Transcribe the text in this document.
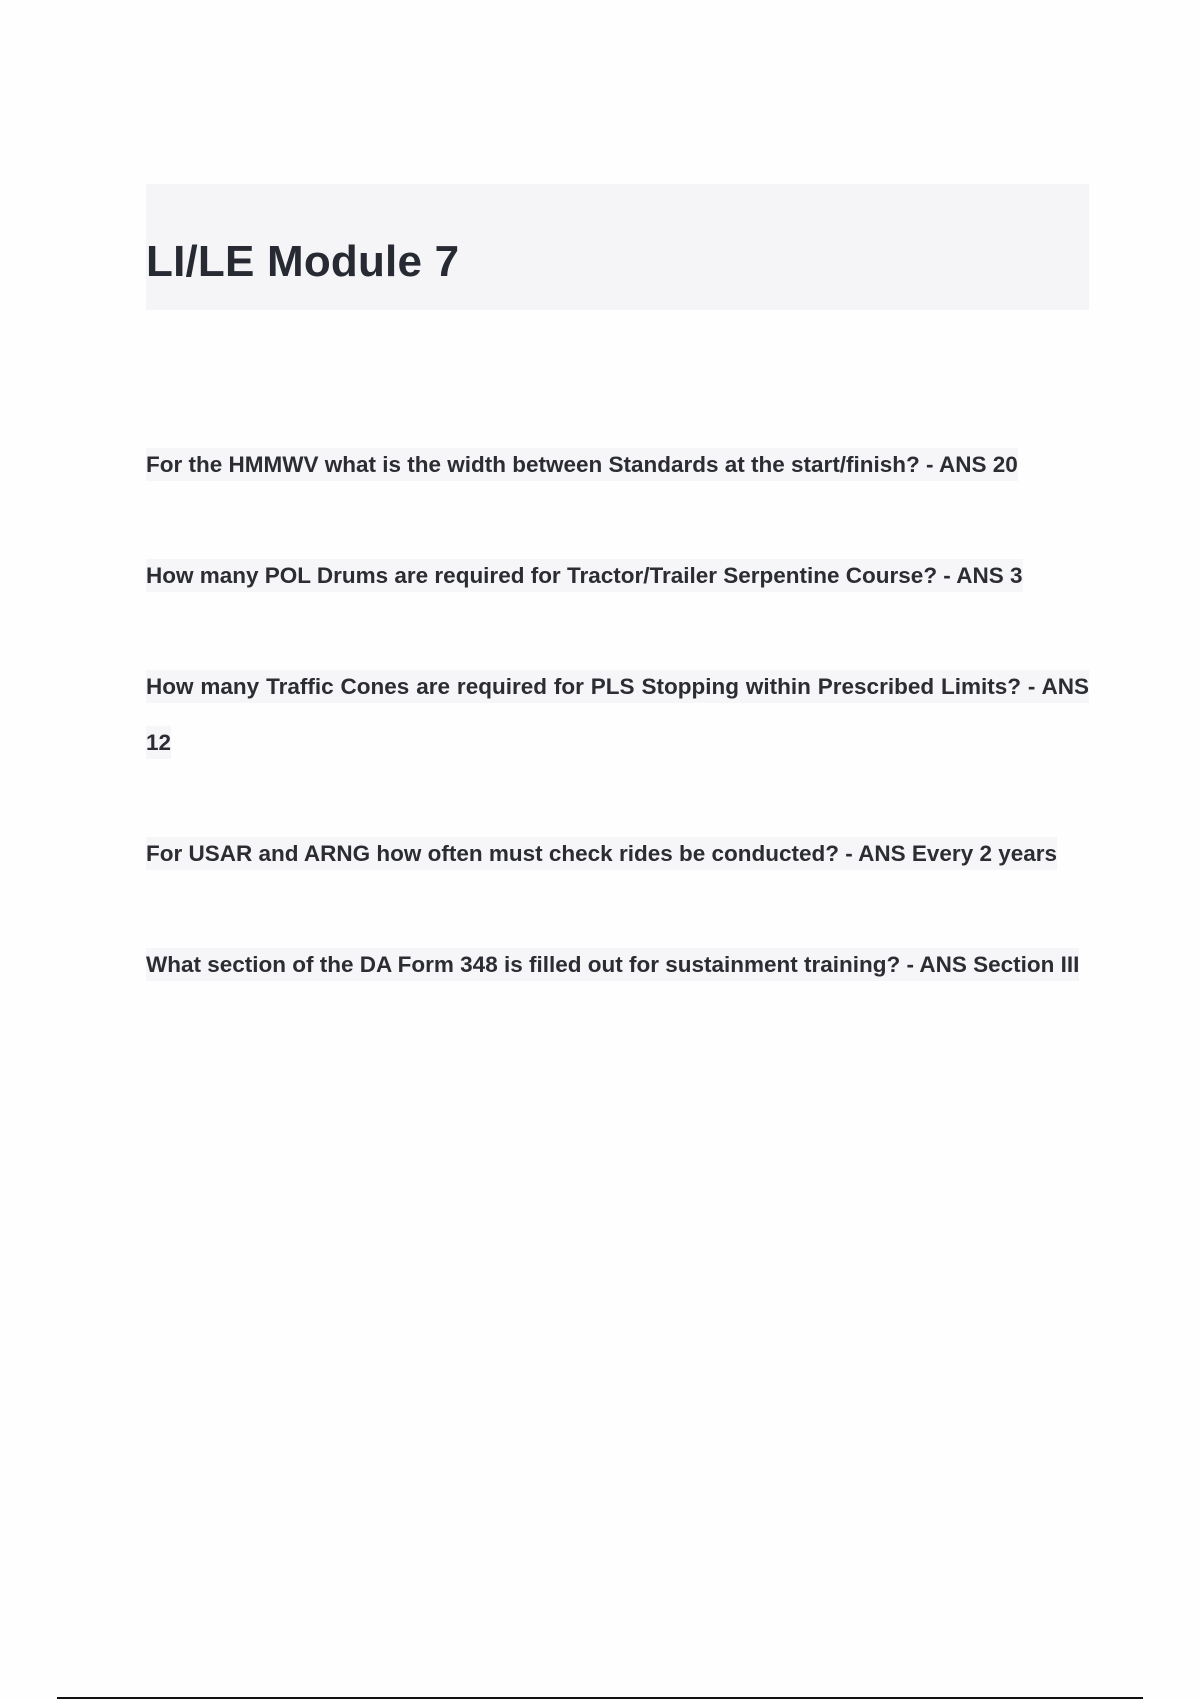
LI/LE Module 7

For the HMMWV what is the width between Standards at the start/finish? - ANS 20

How many POL Drums are required for Tractor/Trailer Serpentine Course? - ANS 3

How many Traffic Cones are required for PLS Stopping within Prescribed Limits? - ANS 12

For USAR and ARNG how often must check rides be conducted? - ANS Every 2 years

What section of the DA Form 348 is filled out for sustainment training? - ANS Section III
